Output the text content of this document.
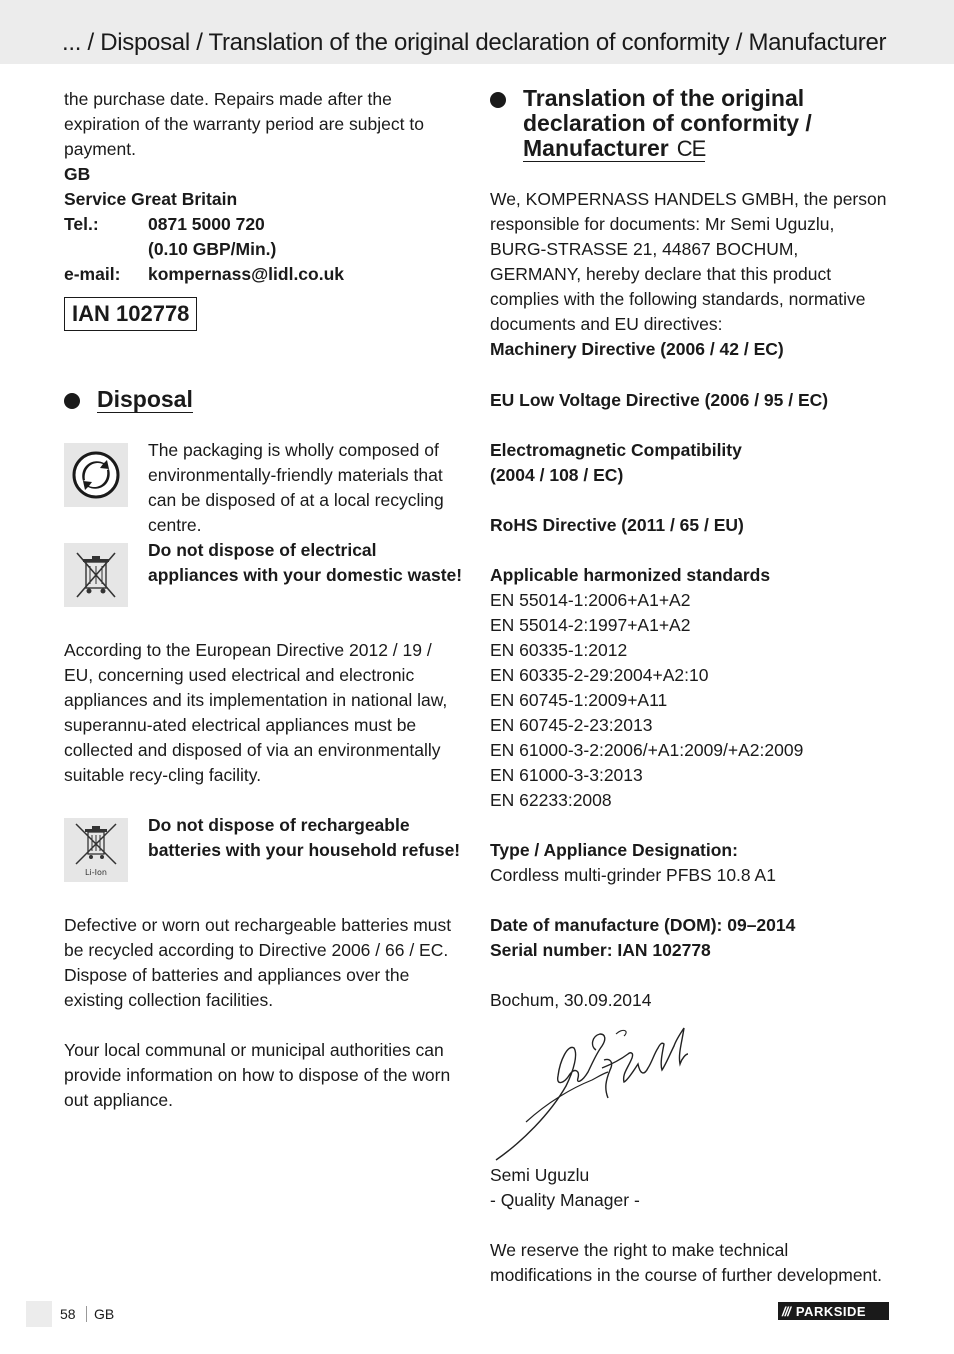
... / Disposal / Translation of the original declaration of conformity / Manufacturer
the purchase date. Repairs made after the expiration of the warranty period are subject to payment.
GB
Service Great Britain
Tel.:	0871 5000 720
(0.10 GBP/Min.)
e-mail:	kompernass@lidl.co.uk
IAN 102778
Disposal
The packaging is wholly composed of environmentally-friendly materials that can be disposed of at a local recycling centre.
Do not dispose of electrical appliances with your domestic waste!
According to the European Directive 2012 / 19 / EU, concerning used electrical and electronic appliances and its implementation in national law, superannu-ated electrical appliances must be collected and disposed of via an environmentally suitable recy-cling facility.
Li-Ion
Do not dispose of rechargeable batteries with your household refuse!
Defective or worn out rechargeable batteries must be recycled according to Directive 2006 / 66 / EC. Dispose of batteries and appliances over the existing collection facilities.
Your local communal or municipal authorities can provide information on how to dispose of the worn out appliance.
Translation of the original
declaration of conformity /
Manufacturer CE
We, KOMPERNASS HANDELS GMBH, the person responsible for documents: Mr Semi Uguzlu, BURG-STRASSE 21, 44867 BOCHUM, GERMANY, hereby declare that this product complies with the following standards, normative documents and EU directives:
Machinery Directive (2006 / 42 / EC)
EU Low Voltage Directive (2006 / 95 / EC)
Electromagnetic Compatibility
(2004 / 108 / EC)
RoHS Directive (2011 / 65 / EU)
Applicable harmonized standards
EN 55014-1:2006+A1+A2
EN 55014-2:1997+A1+A2
EN 60335-1:2012
EN 60335-2-29:2004+A2:10
EN 60745-1:2009+A11
EN 60745-2-23:2013
EN 61000-3-2:2006/+A1:2009/+A2:2009
EN 61000-3-3:2013
EN 62233:2008
Type / Appliance Designation:
Cordless multi-grinder PFBS 10.8 A1
Date of manufacture (DOM): 09–2014
Serial number: IAN 102778
Bochum, 30.09.2014
Semi Uguzlu
- Quality Manager -
We reserve the right to make technical modifications in the course of further development.
58 GB	/// PARKSIDE
